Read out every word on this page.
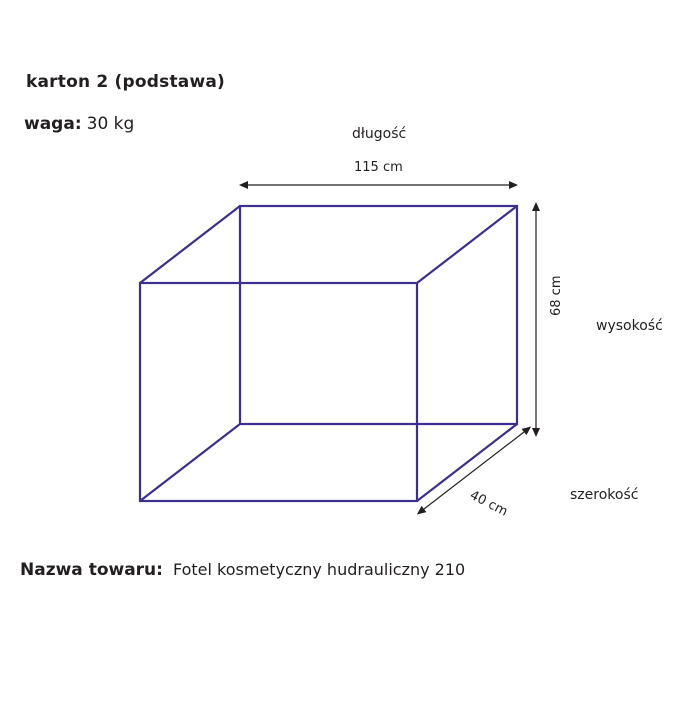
karton 2 (podstawa)
waga: 30 kg	długość
wysokość
szerokość
115 cm
68 cm
40 cm
Nazwa towaru: Fotel kosmetyczny hudrauliczny 210
